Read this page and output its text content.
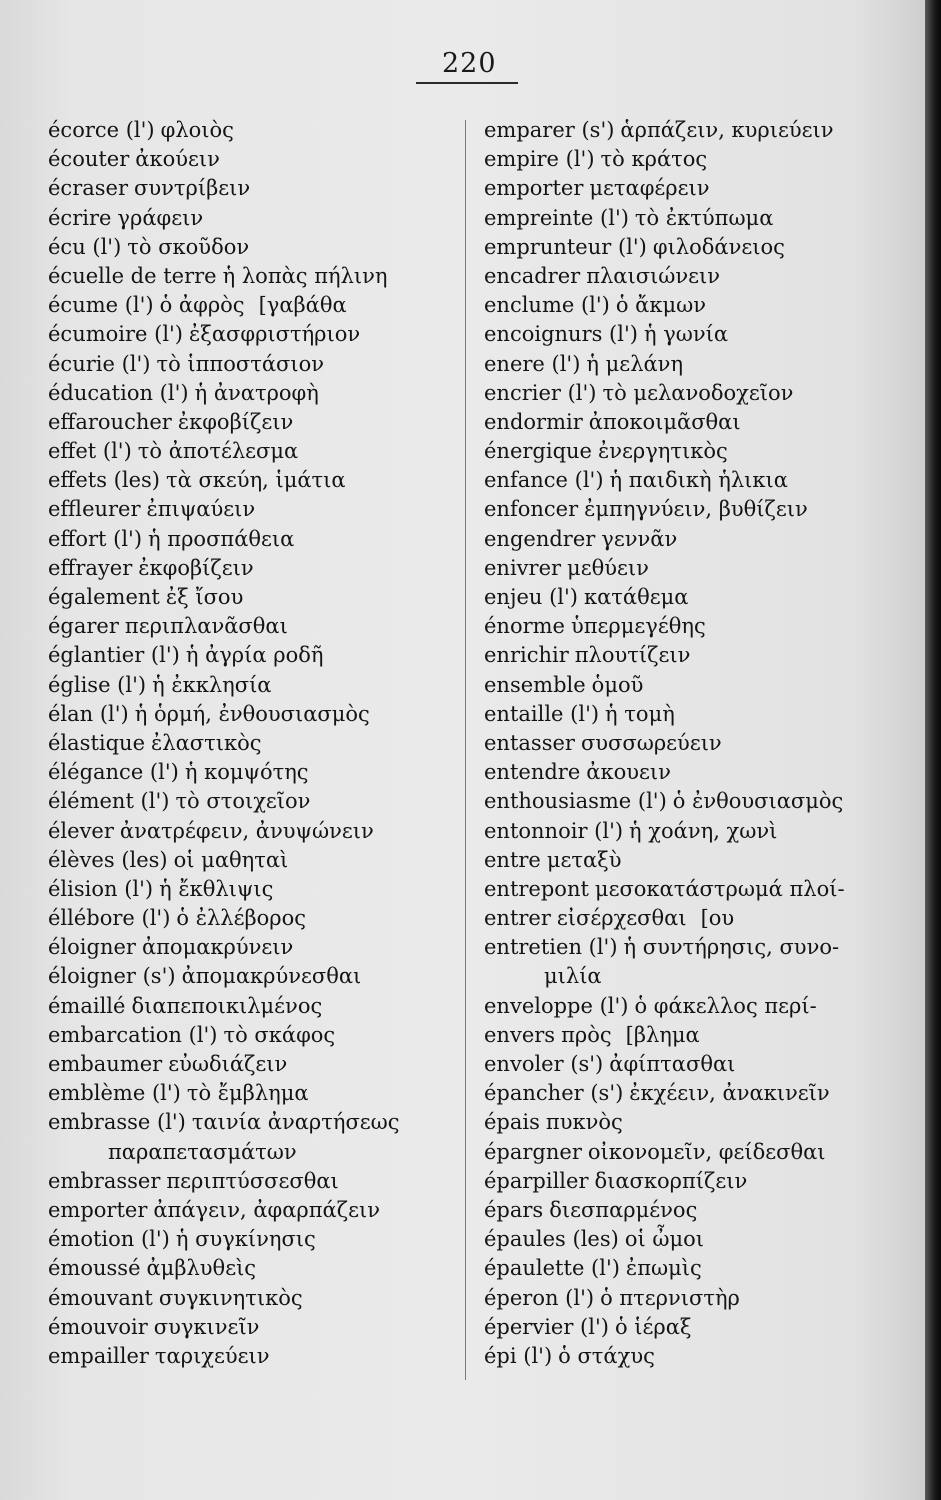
220
écorce (l') φλοιὸς
écouter ἀκούειν
écraser συντρίβειν
écrire γράφειν
écu (l') τὸ σκοῦδον
écuelle de terre ἡ λοπὰς πήλινη
écume (l') ὁ ἀφρὸς [γαβάθα
écumoire (l') ἐξασφριστήριον
écurie (l') τὸ ἱπποστάσιον
éducation (l') ἡ ἀνατροφὴ
effaroucher ἐκφοβίζειν
effet (l') τὸ ἀποτέλεσμα
effets (les) τὰ σκεύη, ἱμάτια
effleurer ἐπιψαύειν
effort (l') ἡ προσπάθεια
effrayer ἐκφοβίζειν
également ἐξ ἴσου
égarer περιπλανᾶσθαι
églantier (l') ἡ ἀγρία ροδῆ
église (l') ἡ ἐκκλησία
élan (l') ἡ ὁρμή, ἐνθουσιασμὸς
élastique ἐλαστικὸς
élégance (l') ἡ κομψότης
élément (l') τὸ στοιχεῖον
élever ἀνατρέφειν, ἀνυψώνειν
élèves (les) οἱ μαθηταὶ
élision (l') ἡ ἔκθλιψις
éllébore (l') ὁ ἐλλέβορος
éloigner ἀπομακρύνειν
éloigner (s') ἀπομακρύνεσθαι
émaillé διαπεποικιλμένος
embarcation (l') τὸ σκάφος
embaumer εὐωδιάζειν
emblème (l') τὸ ἔμβλημα
embrasse (l') ταινία ἀναρτήσεως
παραπετασμάτων
embrasser περιπτύσσεσθαι
emporter ἀπάγειν, ἀφαρπάζειν
émotion (l') ἡ συγκίνησις
émoussé ἀμβλυθεὶς
émouvant συγκινητικὸς
émouvoir συγκινεῖν
empailler ταριχεύειν
emparer (s') ἁρπάζειν, κυριεύειν
empire (l') τὸ κράτος
emporter μεταφέρειν
empreinte (l') τὸ ἐκτύπωμα
emprunteur (l') φιλοδάνειος
encadrer πλαισιώνειν
enclume (l') ὁ ἄκμων
encoignurs (l') ἡ γωνία
enere (l') ἡ μελάνη
encrier (l') τὸ μελανοδοχεῖον
endormir ἀποκοιμᾶσθαι
énergique ἐνεργητικὸς
enfance (l') ἡ παιδικὴ ἡλικια
enfoncer ἐμπηγνύειν, βυθίζειν
engendrer γεννᾶν
enivrer μεθύειν
enjeu (l') κατάθεμα
énorme ὑπερμεγέθης
enrichir πλουτίζειν
ensemble ὁμοῦ
entaille (l') ἡ τομὴ
entasser συσσωρεύειν
entendre ἀκουειν
enthousiasme (l') ὁ ἐνθουσιασμὸς
entonnoir (l') ἡ χοάνη, χωνὶ
entre μεταξὺ
entrepont μεσοκατάστρωμά πλοί-
entrer εἰσέρχεσθαι [ου
entretien (l') ἡ συντήρησις, συνο-
μιλία
enveloppe (l') ὁ φάκελλος περί-
envers πρὸς [βλημα
envoler (s') ἀφίπτασθαι
épancher (s') ἐκχέειν, ἀνακινεῖν
épais πυκνὸς
épargner οἰκονομεῖν, φείδεσθαι
éparpiller διασκορπίζειν
épars διεσπαρμένος
épaules (les) οἱ ὦμοι
épaulette (l') ἐπωμὶς
éperon (l') ὁ πτερνιστὴρ
épervier (l') ὁ ἱέραξ
épi (l') ὁ στάχυς
